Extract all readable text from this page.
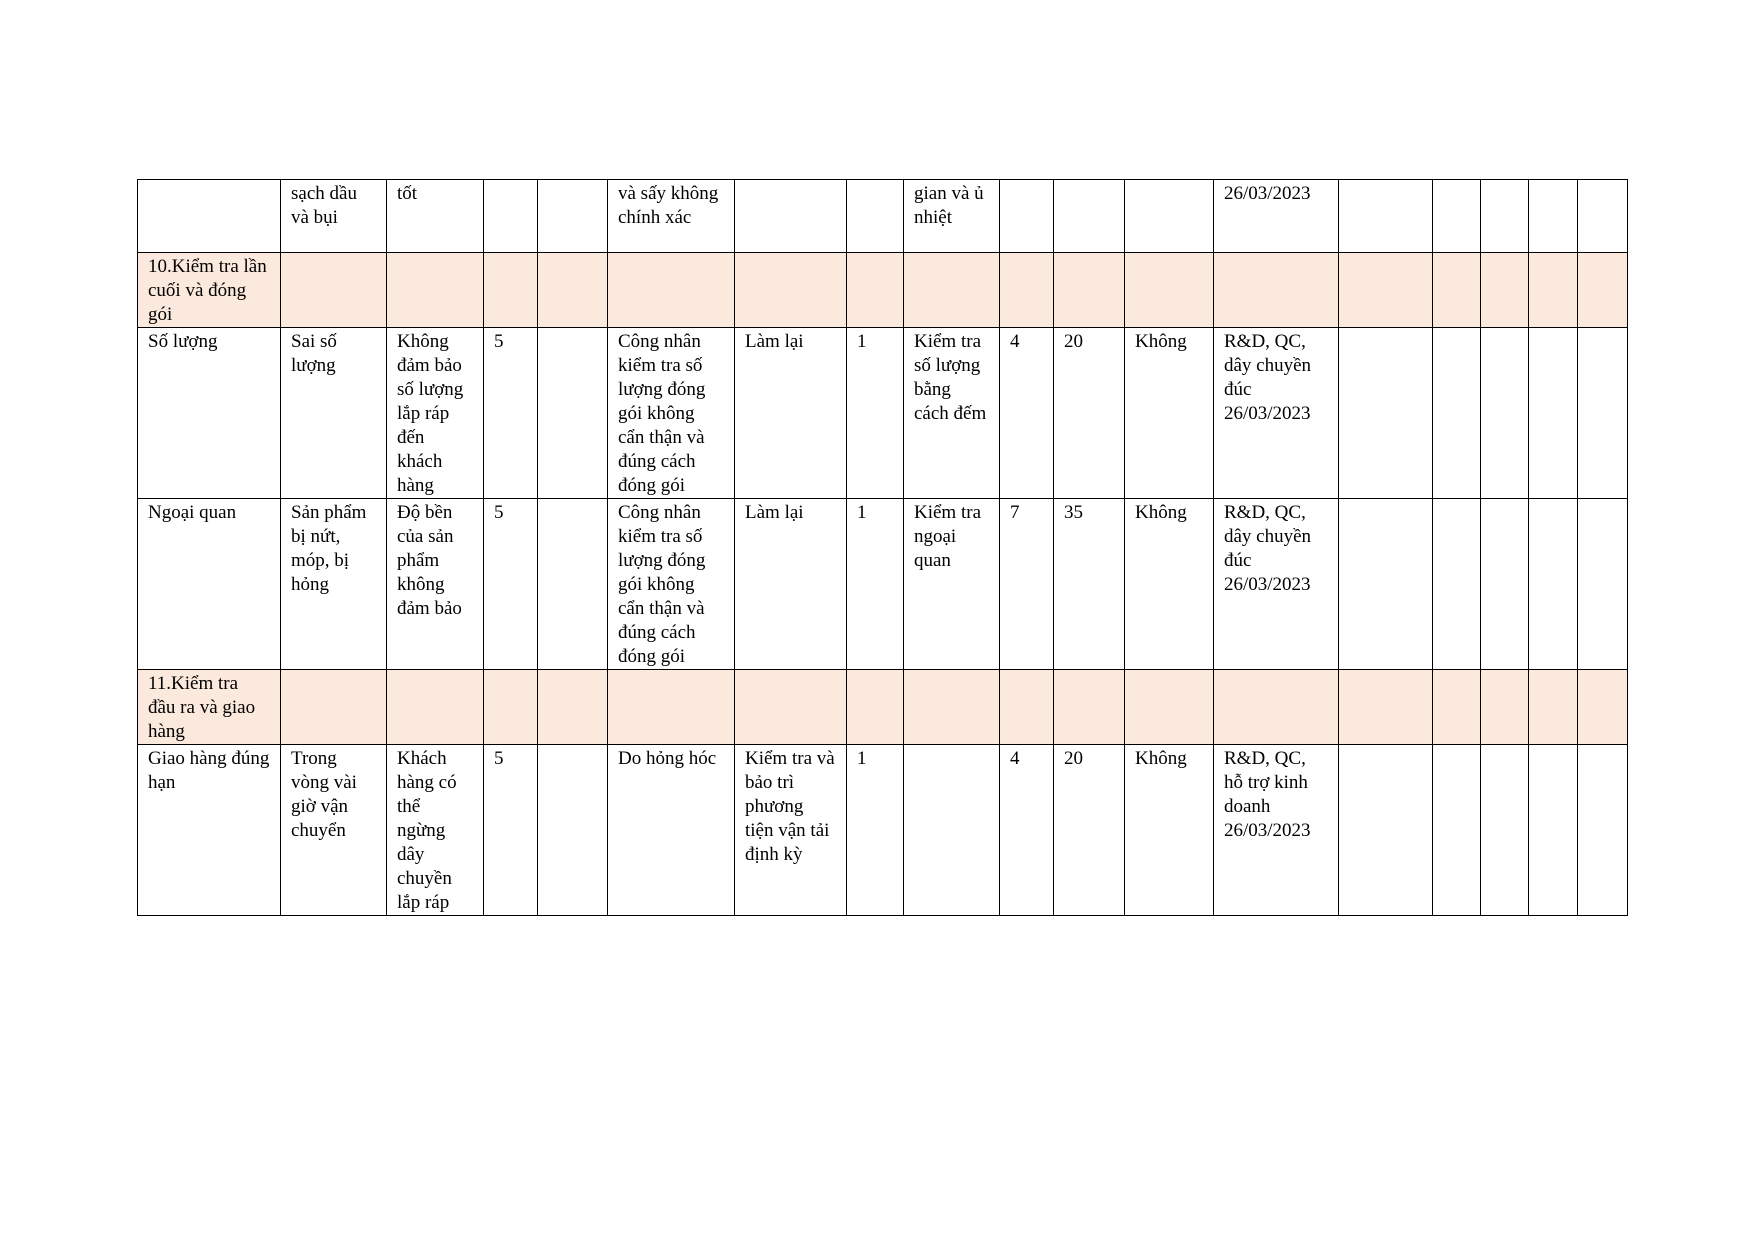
	sạch dầu và bụi	tốt			và sấy không chính xác			gian và ủ nhiệt				26/03/2023					
10.Kiểm tra lần cuối và đóng gói																	
Số lượng	Sai số lượng	Không đảm bảo số lượng lắp ráp đến khách hàng	5		Công nhân kiểm tra số lượng đóng gói không cẩn thận và đúng cách đóng gói	Làm lại	1	Kiểm tra số lượng bằng cách đếm	4	20	Không	R&D, QC, dây chuyền đúc 26/03/2023					
Ngoại quan	Sản phẩm bị nứt, móp, bị hỏng	Độ bền của sản phẩm không đảm bảo	5		Công nhân kiểm tra số lượng đóng gói không cẩn thận và đúng cách đóng gói	Làm lại	1	Kiểm tra ngoại quan	7	35	Không	R&D, QC, dây chuyền đúc 26/03/2023					
11.Kiểm tra đầu ra và giao hàng																	
Giao hàng đúng hạn	Trong vòng vài giờ vận chuyển	Khách hàng có thể ngừng dây chuyền lắp ráp	5		Do hỏng hóc	Kiểm tra và bảo trì phương tiện vận tải định kỳ	1		4	20	Không	R&D, QC, hỗ trợ kinh doanh 26/03/2023					
